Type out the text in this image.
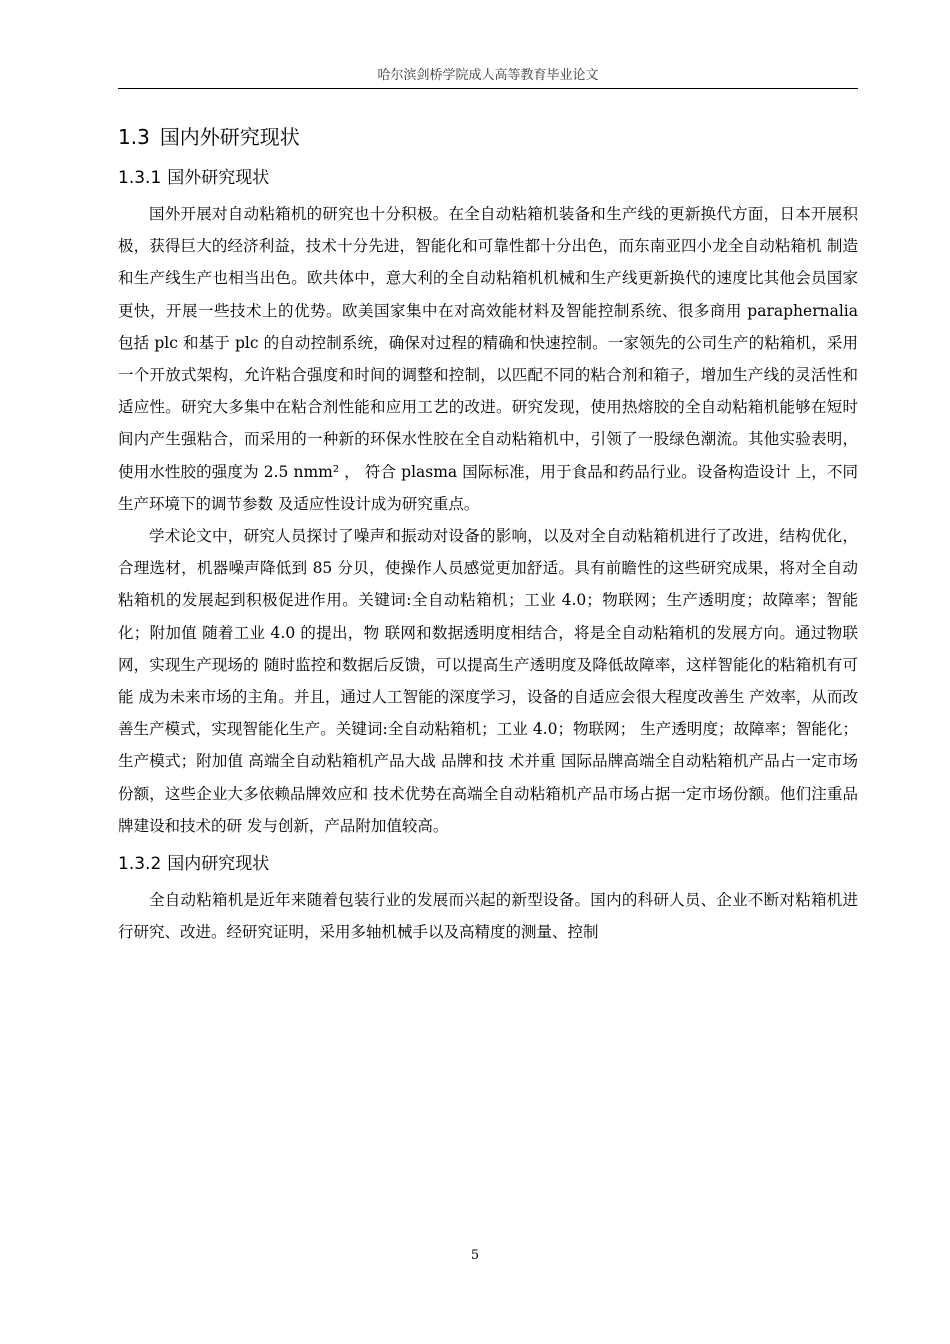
哈尔滨剑桥学院成人高等教育毕业论文
1.3 国内外研究现状
1.3.1 国外研究现状

国外开展对自动粘箱机的研究也十分积极。在全自动粘箱机装备和生产线的更新换代方面，日本开展积极，获得巨大的经济利益，技术十分先进，智能化和可靠性都十分出色，而东南亚四小龙全自动粘箱机 制造和生产线生产也相当出色。欧共体中，意大利的全自动粘箱机机械和生产线更新换代的速度比其他会员国家更快，开展一些技术上的优势。欧美国家集中在对高效能材料及智能控制系统、很多商用 paraphernalia 包括 plc 和基于 plc 的自动控制系统，确保对过程的精确和快速控制。一家领先的公司生产的粘箱机，采用一个开放式架构，允许粘合强度和时间的调整和控制，以匹配不同的粘合剂和箱子，增加生产线的灵活性和适应性。研究大多集中在粘合剂性能和应用工艺的改进。研究发现，使用热熔胶的全自动粘箱机能够在短时间内产生强粘合，而采用的一种新的环保水性胶在全自动粘箱机中，引领了一股绿色潮流。其他实验表明，使用水性胶的强度为 2.5 nmm² ， 符合 plasma 国际标准，用于食品和药品行业。设备构造设计 上，不同生产环境下的调节参数 及适应性设计成为研究重点。

学术论文中，研究人员探讨了噪声和振动对设备的影响，以及对全自动粘箱机进行了改进，结构优化，合理选材，机器噪声降低到 85 分贝，使操作人员感觉更加舒适。具有前瞻性的这些研究成果，将对全自动粘箱机的发展起到积极促进作用。关键词:全自动粘箱机；工业 4.0；物联网；生产透明度；故障率；智能化；附加值 随着工业 4.0 的提出，物 联网和数据透明度相结合，将是全自动粘箱机的发展方向。通过物联网，实现生产现场的 随时监控和数据后反馈，可以提高生产透明度及降低故障率，这样智能化的粘箱机有可能 成为未来市场的主角。并且，通过人工智能的深度学习，设备的自适应会很大程度改善生 产效率，从而改善生产模式，实现智能化生产。关键词:全自动粘箱机；工业 4.0；物联网； 生产透明度；故障率；智能化；生产模式；附加值 高端全自动粘箱机产品大战 品牌和技 术并重 国际品牌高端全自动粘箱机产品占一定市场份额，这些企业大多依赖品牌效应和 技术优势在高端全自动粘箱机产品市场占据一定市场份额。他们注重品牌建设和技术的研 发与创新，产品附加值较高。

1.3.2 国内研究现状

全自动粘箱机是近年来随着包装行业的发展而兴起的新型设备。国内的科研人员、企业不断对粘箱机进行研究、改进。经研究证明，采用多轴机械手以及高精度的测量、控制

5
